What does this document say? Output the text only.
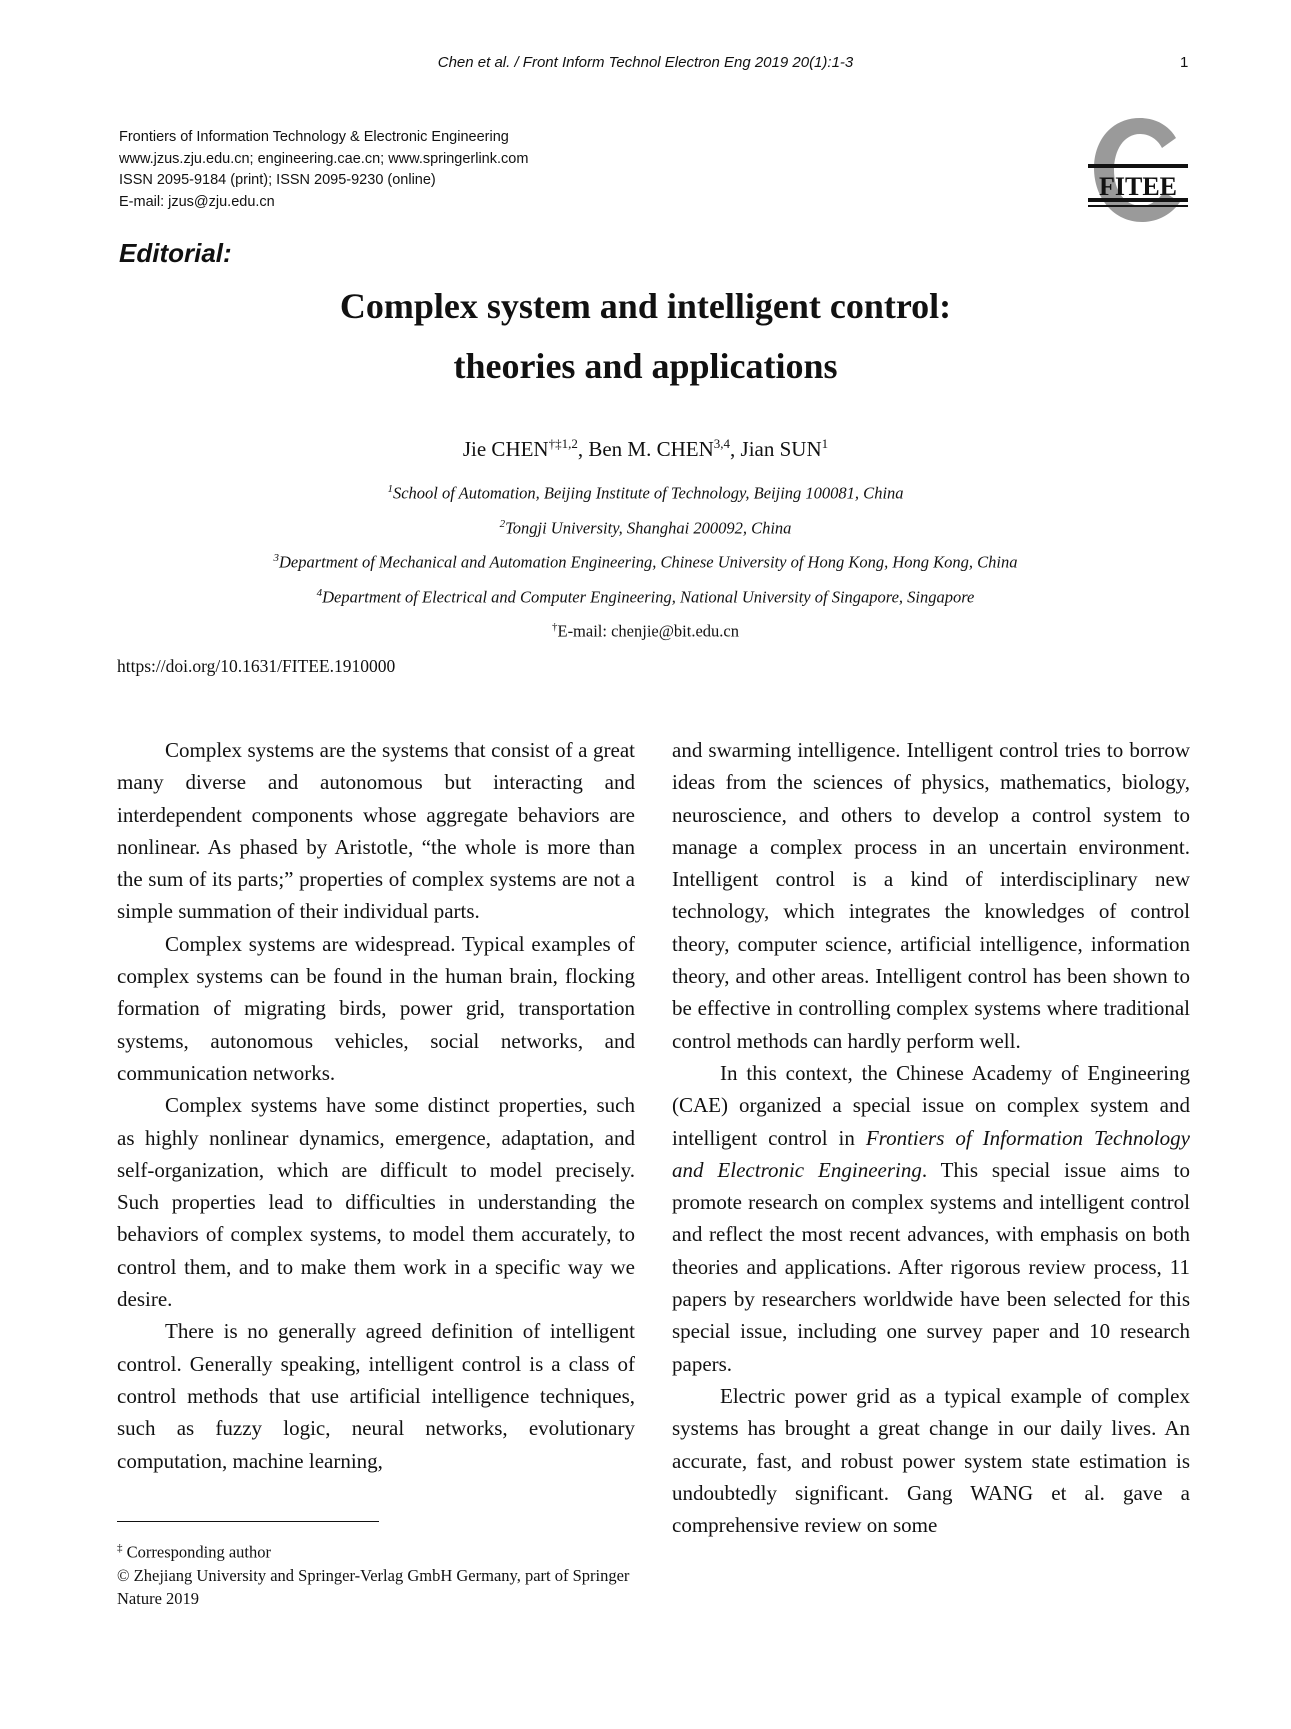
Chen et al. / Front Inform Technol Electron Eng 2019 20(1):1-3	1
Frontiers of Information Technology & Electronic Engineering
www.jzus.zju.edu.cn; engineering.cae.cn; www.springerlink.com
ISSN 2095-9184 (print); ISSN 2095-9230 (online)
E-mail: jzus@zju.edu.cn
FITEE
Editorial:
Complex system and intelligent control:
theories and applications
Jie CHEN$^{\dagger\ddagger 1,2}$, Ben M. CHEN$^{3,4}$, Jian SUN$^1$
$^1$School of Automation, Beijing Institute of Technology, Beijing 100081, China
$^2$Tongji University, Shanghai 200092, China
$^3$Department of Mechanical and Automation Engineering, Chinese University of Hong Kong, Hong Kong, China
$^4$Department of Electrical and Computer Engineering, National University of Singapore, Singapore
†E-mail: chenjie@bit.edu.cn
https://doi.org/10.1631/FITEE.1910000

Complex systems are the systems that consist of a great many diverse and autonomous but interacting and interdependent components whose aggregate behaviors are nonlinear. As phased by Aristotle, “the whole is more than the sum of its parts;” properties of complex systems are not a simple summation of their individual parts.

Complex systems are widespread. Typical examples of complex systems can be found in the human brain, flocking formation of migrating birds, power grid, transportation systems, autonomous vehicles, social networks, and communication networks.

Complex systems have some distinct properties, such as highly nonlinear dynamics, emergence, adaptation, and self-organization, which are difficult to model precisely. Such properties lead to difficulties in understanding the behaviors of complex systems, to model them accurately, to control them, and to make them work in a specific way we desire.

There is no generally agreed definition of intelligent control. Generally speaking, intelligent control is a class of control methods that use artificial intelligence techniques, such as fuzzy logic, neural networks, evolutionary computation, machine learning,

and swarming intelligence. Intelligent control tries to borrow ideas from the sciences of physics, mathematics, biology, neuroscience, and others to develop a control system to manage a complex process in an uncertain environment. Intelligent control is a kind of interdisciplinary new technology, which integrates the knowledges of control theory, computer science, artificial intelligence, information theory, and other areas. Intelligent control has been shown to be effective in controlling complex systems where traditional control methods can hardly perform well.

In this context, the Chinese Academy of Engineering (CAE) organized a special issue on complex system and intelligent control in Frontiers of Information Technology and Electronic Engineering. This special issue aims to promote research on complex systems and intelligent control and reflect the most recent advances, with emphasis on both theories and applications. After rigorous review process, 11 papers by researchers worldwide have been selected for this special issue, including one survey paper and 10 research papers.

Electric power grid as a typical example of complex systems has brought a great change in our daily lives. An accurate, fast, and robust power system state estimation is undoubtedly significant. Gang WANG et al. gave a comprehensive review on some

‡ Corresponding author
© Zhejiang University and Springer-Verlag GmbH Germany, part of Springer Nature 2019
